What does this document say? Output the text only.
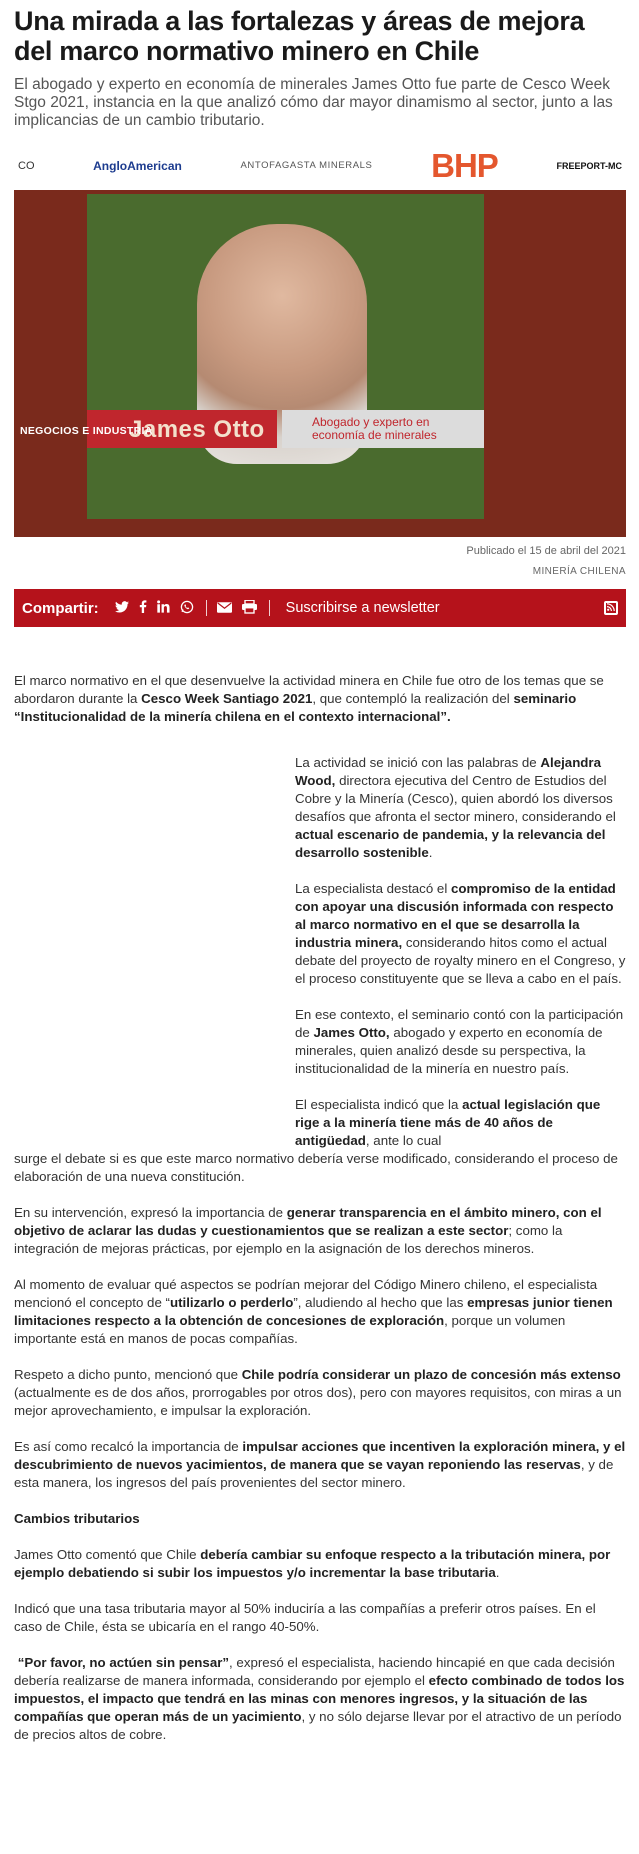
Una mirada a las fortalezas y áreas de mejora del marco normativo minero en Chile

El abogado y experto en economía de minerales James Otto fue parte de Cesco Week Stgo 2021, instancia en la que analizó cómo dar mayor dinamismo al sector, junto a las implicancias de un cambio tributario.

CO	AngloAmerican	ANTOFAGASTA MINERALS BHP	FREEPORT-MC
James Otto	Abogado y experto en economía de minerales
NEGOCIOS E INDUSTRIA
Publicado el 15 de abril del 2021
MINERÍA CHILENA
Compartir:	Suscribirse a newsletter

El marco normativo en el que desenvuelve la actividad minera en Chile fue otro de los temas que se abordaron durante la Cesco Week Santiago 2021, que contempló la realización del seminario “Institucionalidad de la minería chilena en el contexto internacional”.

La actividad se inició con las palabras de Alejandra Wood, directora ejecutiva del Centro de Estudios del Cobre y la Minería (Cesco), quien abordó los diversos desafíos que afronta el sector minero, considerando el actual escenario de pandemia, y la relevancia del desarrollo sostenible.

La especialista destacó el compromiso de la entidad con apoyar una discusión informada con respecto al marco normativo en el que se desarrolla la industria minera, considerando hitos como el actual debate del proyecto de royalty minero en el Congreso, y el proceso constituyente que se lleva a cabo en el país.

En ese contexto, el seminario contó con la participación de James Otto, abogado y experto en economía de minerales, quien analizó desde su perspectiva, la institucionalidad de la minería en nuestro país.

El especialista indicó que la actual legislación que rige a la minería tiene más de 40 años de antigüedad, ante lo cual

surge el debate si es que este marco normativo debería verse modificado, considerando el proceso de elaboración de una nueva constitución.

En su intervención, expresó la importancia de generar transparencia en el ámbito minero, con el objetivo de aclarar las dudas y cuestionamientos que se realizan a este sector; como la integración de mejoras prácticas, por ejemplo en la asignación de los derechos mineros.

Al momento de evaluar qué aspectos se podrían mejorar del Código Minero chileno, el especialista mencionó el concepto de “utilizarlo o perderlo”, aludiendo al hecho que las empresas junior tienen limitaciones respecto a la obtención de concesiones de exploración, porque un volumen importante está en manos de pocas compañías.

Respeto a dicho punto, mencionó que Chile podría considerar un plazo de concesión más extenso (actualmente es de dos años, prorrogables por otros dos), pero con mayores requisitos, con miras a un mejor aprovechamiento, e impulsar la exploración.

Es así como recalcó la importancia de impulsar acciones que incentiven la exploración minera, y el descubrimiento de nuevos yacimientos, de manera que se vayan reponiendo las reservas, y de esta manera, los ingresos del país provenientes del sector minero.

Cambios tributarios

James Otto comentó que Chile debería cambiar su enfoque respecto a la tributación minera, por ejemplo debatiendo si subir los impuestos y/o incrementar la base tributaria.

Indicó que una tasa tributaria mayor al 50% induciría a las compañías a preferir otros países. En el caso de Chile, ésta se ubicaría en el rango 40-50%.

“Por favor, no actúen sin pensar”, expresó el especialista, haciendo hincapié en que cada decisión debería realizarse de manera informada, considerando por ejemplo el efecto combinado de todos los impuestos, el impacto que tendrá en las minas con menores ingresos, y la situación de las compañías que operan más de un yacimiento, y no sólo dejarse llevar por el atractivo de un período de precios altos de cobre.
